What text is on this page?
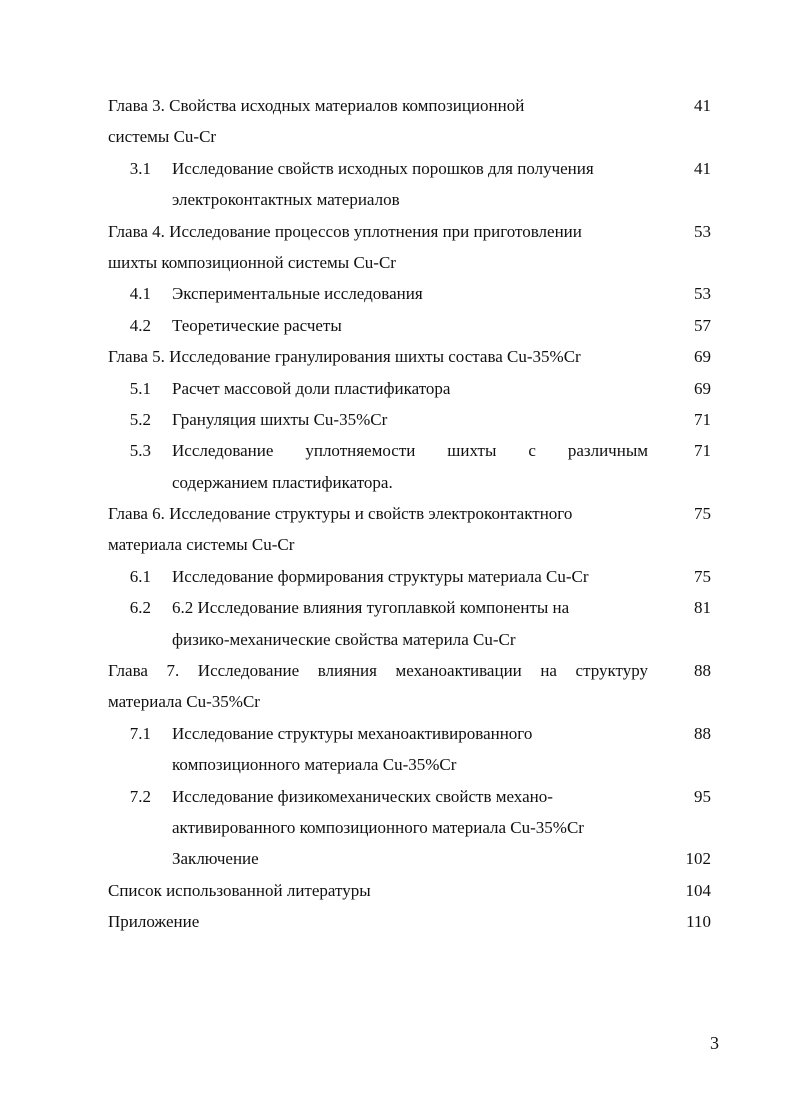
Глава 3. Свойства исходных материалов композиционной	41
системы Cu-Cr
3.1 Исследование свойств исходных порошков для получения	41
электроконтактных материалов
Глава 4. Исследование процессов уплотнения при приготовлении	53
шихты композиционной системы Cu-Cr
4.1 Экспериментальные исследования	53
4.2 Теоретические расчеты	57
Глава 5. Исследование гранулирования шихты состава Cu-35%Cr	69
5.1 Расчет массовой доли пластификатора	69
5.2 Грануляция шихты Cu-35%Cr	71
5.3 Исследование уплотняемости шихты с различным	71
содержанием пластификатора.
Глава 6. Исследование структуры и свойств электроконтактного	75
материала системы Cu-Cr
6.1 Исследование формирования структуры материала Cu-Cr	75
6.2 6.2 Исследование влияния тугоплавкой компоненты на	81
физико-механические свойства материла Cu-Cr
Глава 7. Исследование влияния механоактивации на структуру	88
материала Cu-35%Cr
7.1 Исследование структуры механоактивированного	88
композиционного материала Cu-35%Cr
7.2 Исследование физикомеханических свойств механо-	95
активированного композиционного материала Cu-35%Cr
Заключение	102
Список использованной литературы	104
Приложение	110
3
